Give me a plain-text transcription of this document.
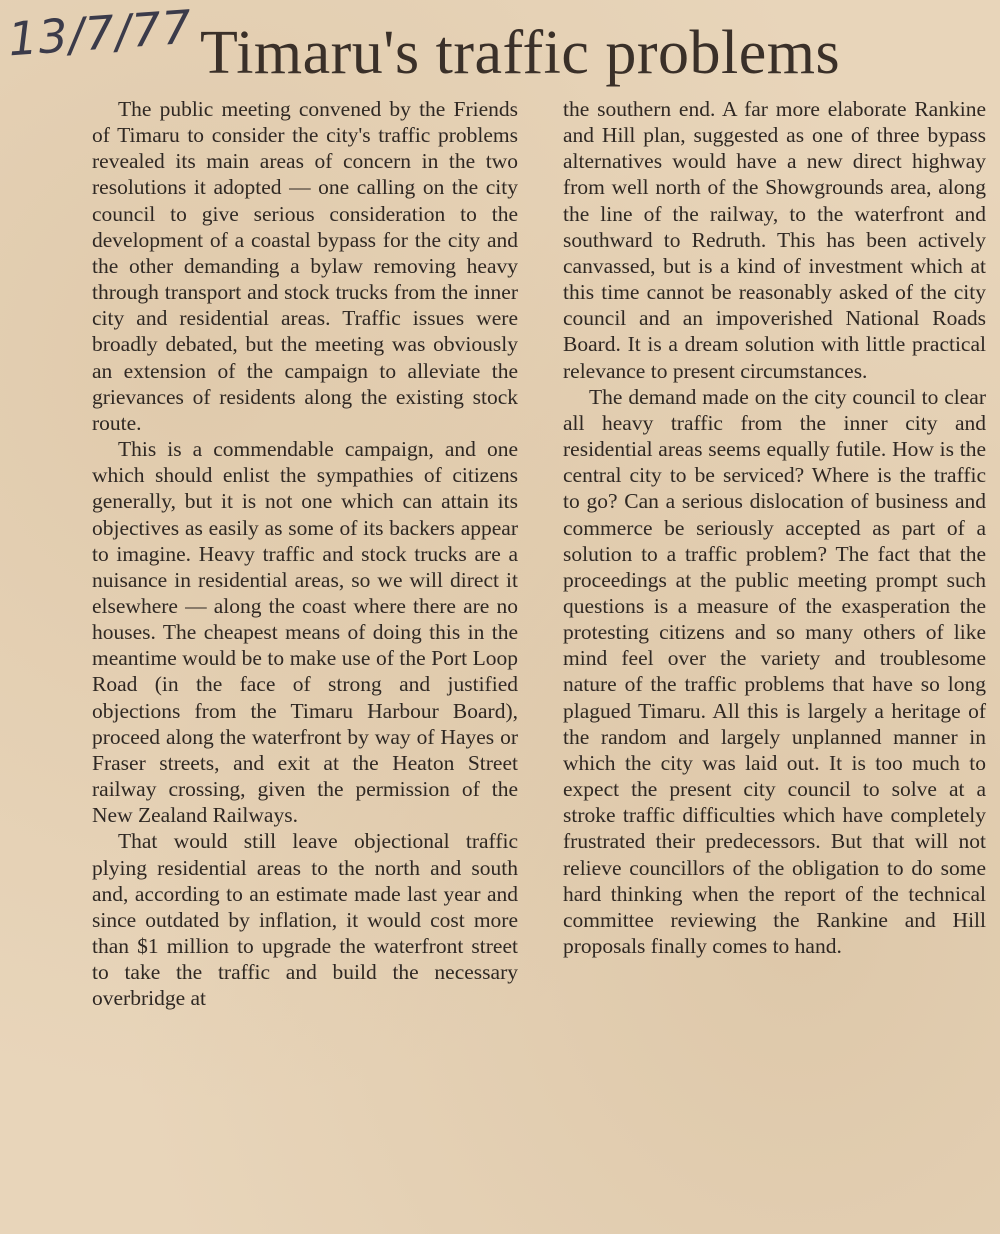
13/7/77 Timaru's traffic problems

The public meeting convened by the Friends of Timaru to consider the city's traffic problems revealed its main areas of concern in the two resolutions it adopted — one calling on the city council to give serious consideration to the development of a coastal bypass for the city and the other demanding a bylaw removing heavy through transport and stock trucks from the inner city and residential areas. Traffic issues were broadly debated, but the meeting was obviously an extension of the campaign to alleviate the grievances of residents along the existing stock route.

This is a commendable campaign, and one which should enlist the sympathies of citizens generally, but it is not one which can attain its objectives as easily as some of its backers appear to imagine. Heavy traffic and stock trucks are a nuisance in residential areas, so we will direct it elsewhere — along the coast where there are no houses. The cheapest means of doing this in the meantime would be to make use of the Port Loop Road (in the face of strong and justified objections from the Timaru Harbour Board), proceed along the waterfront by way of Hayes or Fraser streets, and exit at the Heaton Street railway crossing, given the permission of the New Zealand Railways.

That would still leave objectional traffic plying residential areas to the north and south and, according to an estimate made last year and since outdated by inflation, it would cost more than $1 million to upgrade the waterfront street to take the traffic and build the necessary overbridge at

the southern end. A far more elaborate Rankine and Hill plan, suggested as one of three bypass alternatives would have a new direct highway from well north of the Showgrounds area, along the line of the railway, to the waterfront and southward to Redruth. This has been actively canvassed, but is a kind of investment which at this time cannot be reasonably asked of the city council and an impoverished National Roads Board. It is a dream solution with little practical relevance to present circumstances.

The demand made on the city council to clear all heavy traffic from the inner city and residential areas seems equally futile. How is the central city to be serviced? Where is the traffic to go? Can a serious dislocation of business and commerce be seriously accepted as part of a solution to a traffic problem? The fact that the proceedings at the public meeting prompt such questions is a measure of the exasperation the protesting citizens and so many others of like mind feel over the variety and troublesome nature of the traffic problems that have so long plagued Timaru. All this is largely a heritage of the random and largely unplanned manner in which the city was laid out. It is too much to expect the present city council to solve at a stroke traffic difficulties which have completely frustrated their predecessors. But that will not relieve councillors of the obligation to do some hard thinking when the report of the technical committee reviewing the Rankine and Hill proposals finally comes to hand.
